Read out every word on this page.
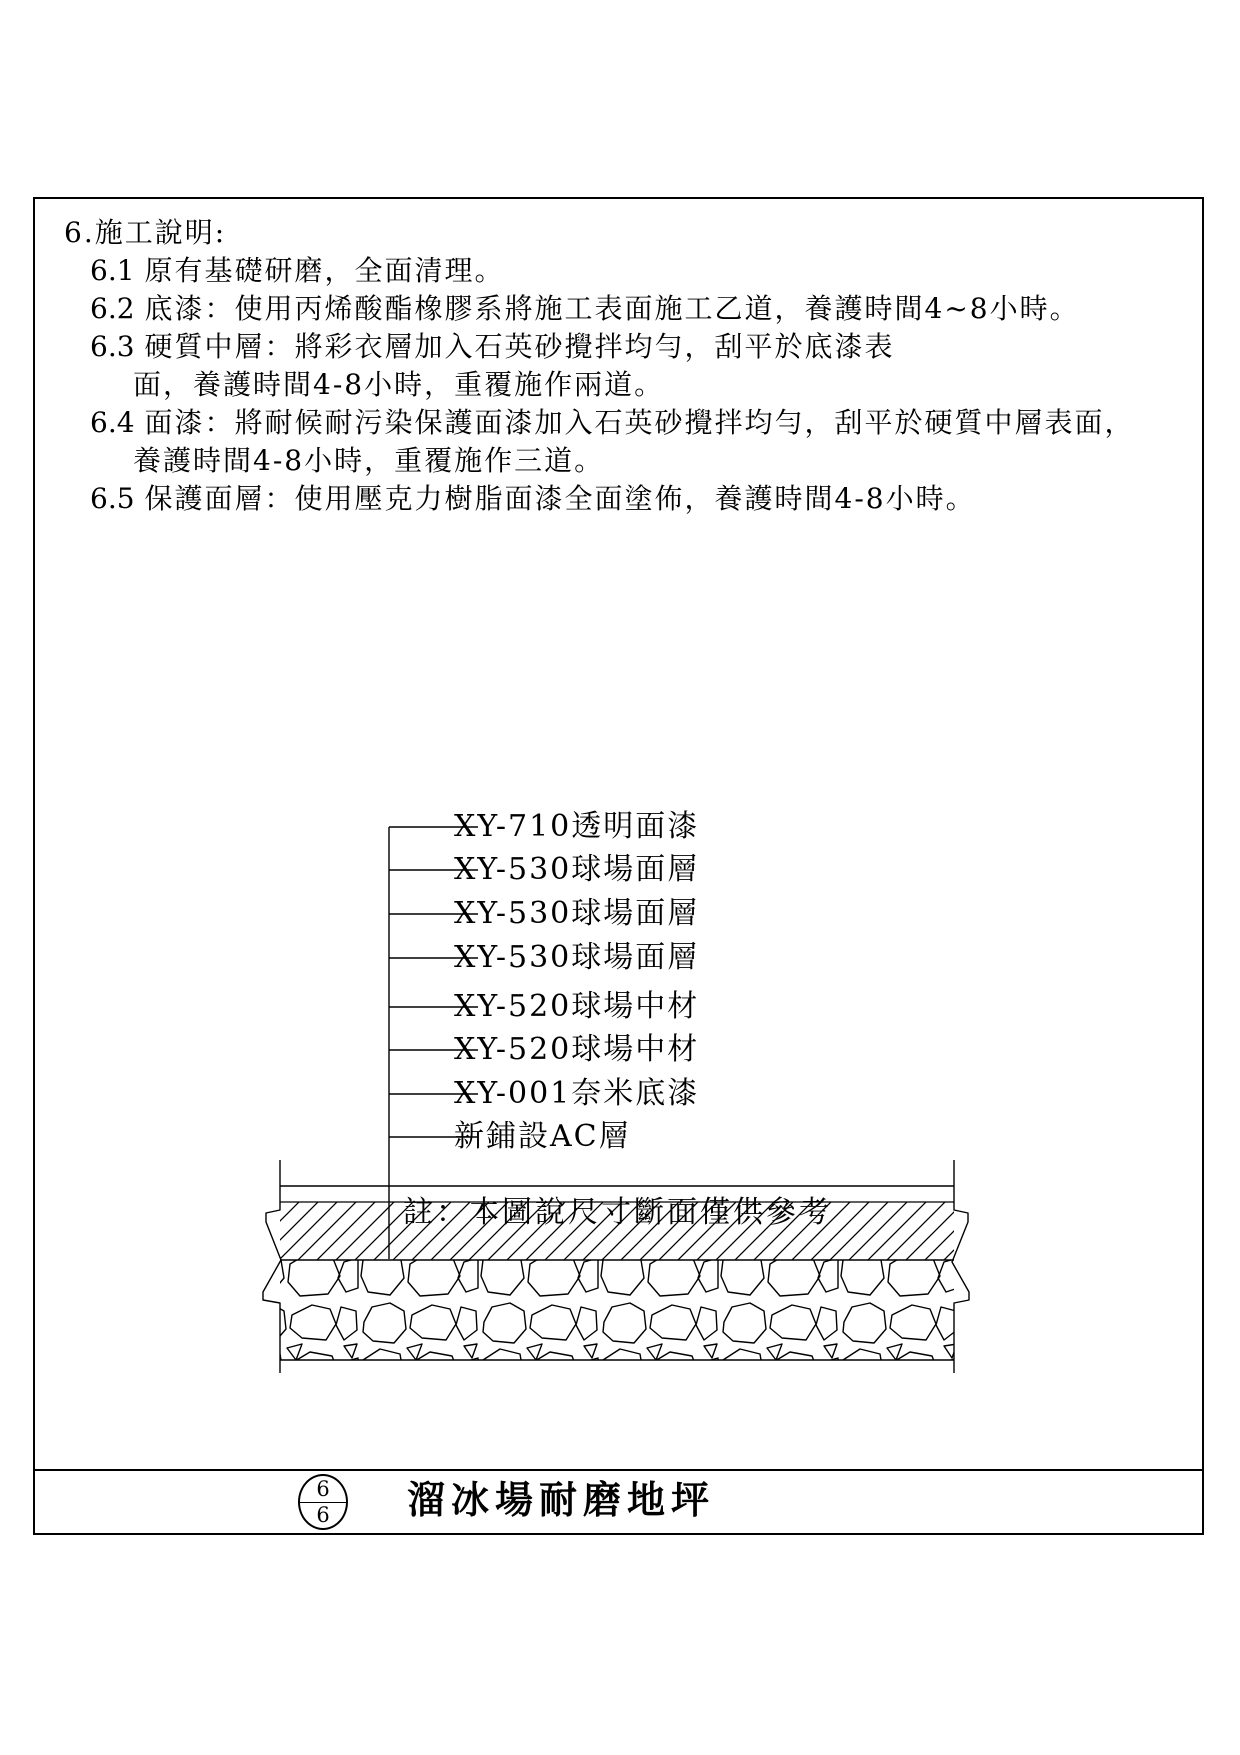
6.施工說明:
6.1 原有基礎研磨，全面清理。
6.2 底漆：使用丙烯酸酯橡膠系將施工表面施工乙道，養護時間4~8小時。
6.3 硬質中層：將彩衣層加入石英砂攪拌均勻，刮平於底漆表
面，養護時間4-8小時，重覆施作兩道。
6.4 面漆：將耐候耐污染保護面漆加入石英砂攪拌均勻，刮平於硬質中層表面，
養護時間4-8小時，重覆施作三道。
6.5 保護面層：使用壓克力樹脂面漆全面塗佈，養護時間4-8小時。
6
6	溜冰場耐磨地坪
XY-710透明面漆
XY-530球場面層
XY-530球場面層
XY-530球場面層
XY-520球場中材
XY-520球場中材
XY-001奈米底漆
新鋪設AC層
